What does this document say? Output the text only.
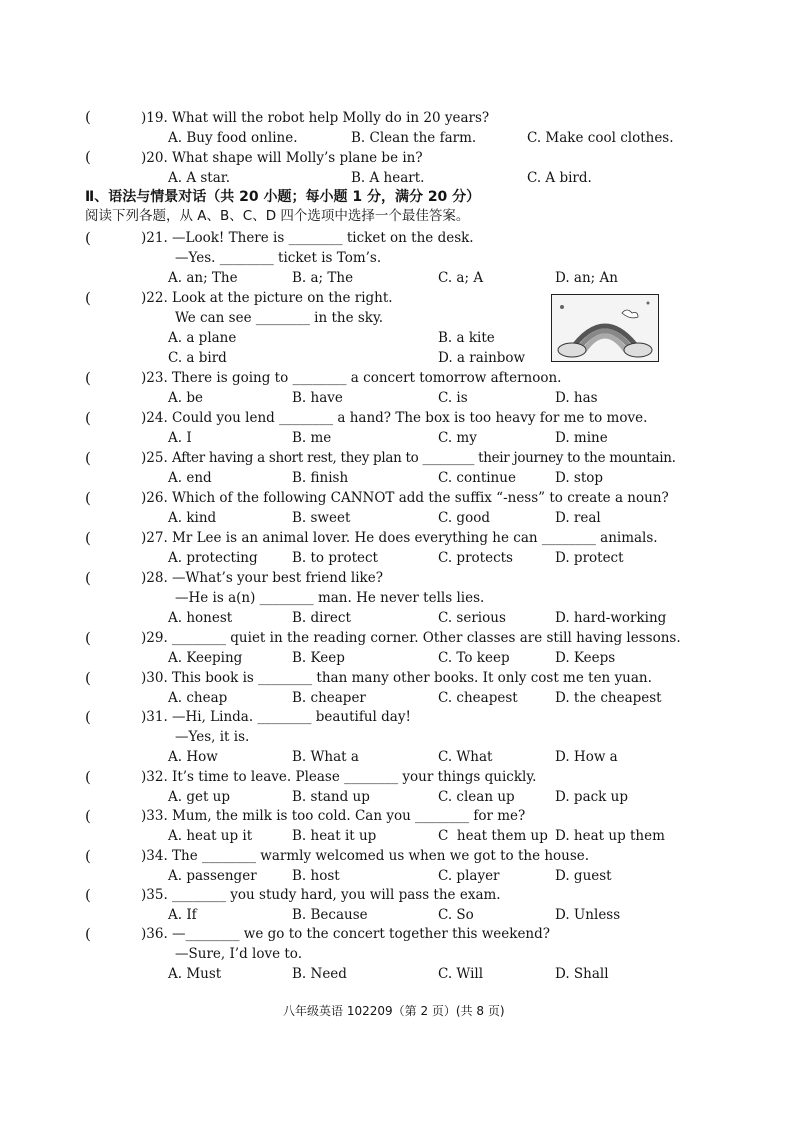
(	)19. What will the robot help Molly do in 20 years?
A. Buy food online.	B. Clean the farm.	C. Make cool clothes.
(	)20. What shape will Molly’s plane be in?
A. A star.	B. A heart.	C. A bird.
Ⅱ、语法与情景对话（共 20 小题；每小题 1 分，满分 20 分）
阅读下列各题，从 A、B、C、D 四个选项中选择一个最佳答案。
(	)21. —Look! There is ________ ticket on the desk.
—Yes. ________ ticket is Tom’s.
A. an; The	B. a; The	C. a; A	D. an; An
(	)22. Look at the picture on the right.
We can see ________ in the sky.
A. a plane	B. a kite
C. a bird	D. a rainbow
(	)23. There is going to ________ a concert tomorrow afternoon.
A. be	B. have	C. is	D. has
(	)24. Could you lend ________ a hand? The box is too heavy for me to move.
A. I	B. me	C. my	D. mine
(	)25. After having a short rest, they plan to ________ their journey to the mountain.
A. end	B. finish	C. continue	D. stop
(	)26. Which of the following CANNOT add the suffix “-ness” to create a noun?
A. kind	B. sweet	C. good	D. real
(	)27. Mr Lee is an animal lover. He does everything he can ________ animals.
A. protecting	B. to protect	C. protects	D. protect
(	)28. —What’s your best friend like?
—He is a(n) ________ man. He never tells lies.
A. honest	B. direct	C. serious	D. hard-working
(	)29. ________ quiet in the reading corner. Other classes are still having lessons.
A. Keeping	B. Keep	C. To keep	D. Keeps
(	)30. This book is ________ than many other books. It only cost me ten yuan.
A. cheap	B. cheaper	C. cheapest	D. the cheapest
(	)31. —Hi, Linda. ________ beautiful day!
—Yes, it is.
A. How	B. What a	C. What	D. How a
(	)32. It’s time to leave. Please ________ your things quickly.
A. get up	B. stand up	C. clean up	D. pack up
(	)33. Mum, the milk is too cold. Can you ________ for me?
A. heat up it	B. heat it up	C  heat them up D. heat up them
(	)34. The ________ warmly welcomed us when we got to the house.
A. passenger	B. host	C. player	D. guest
(	)35. ________ you study hard, you will pass the exam.
A. If	B. Because	C. So	D. Unless
(	)36. —________ we go to the concert together this weekend?
—Sure, I’d love to.
A. Must	B. Need	C. Will	D. Shall
八年级英语 102209（第 2 页）(共 8 页)
